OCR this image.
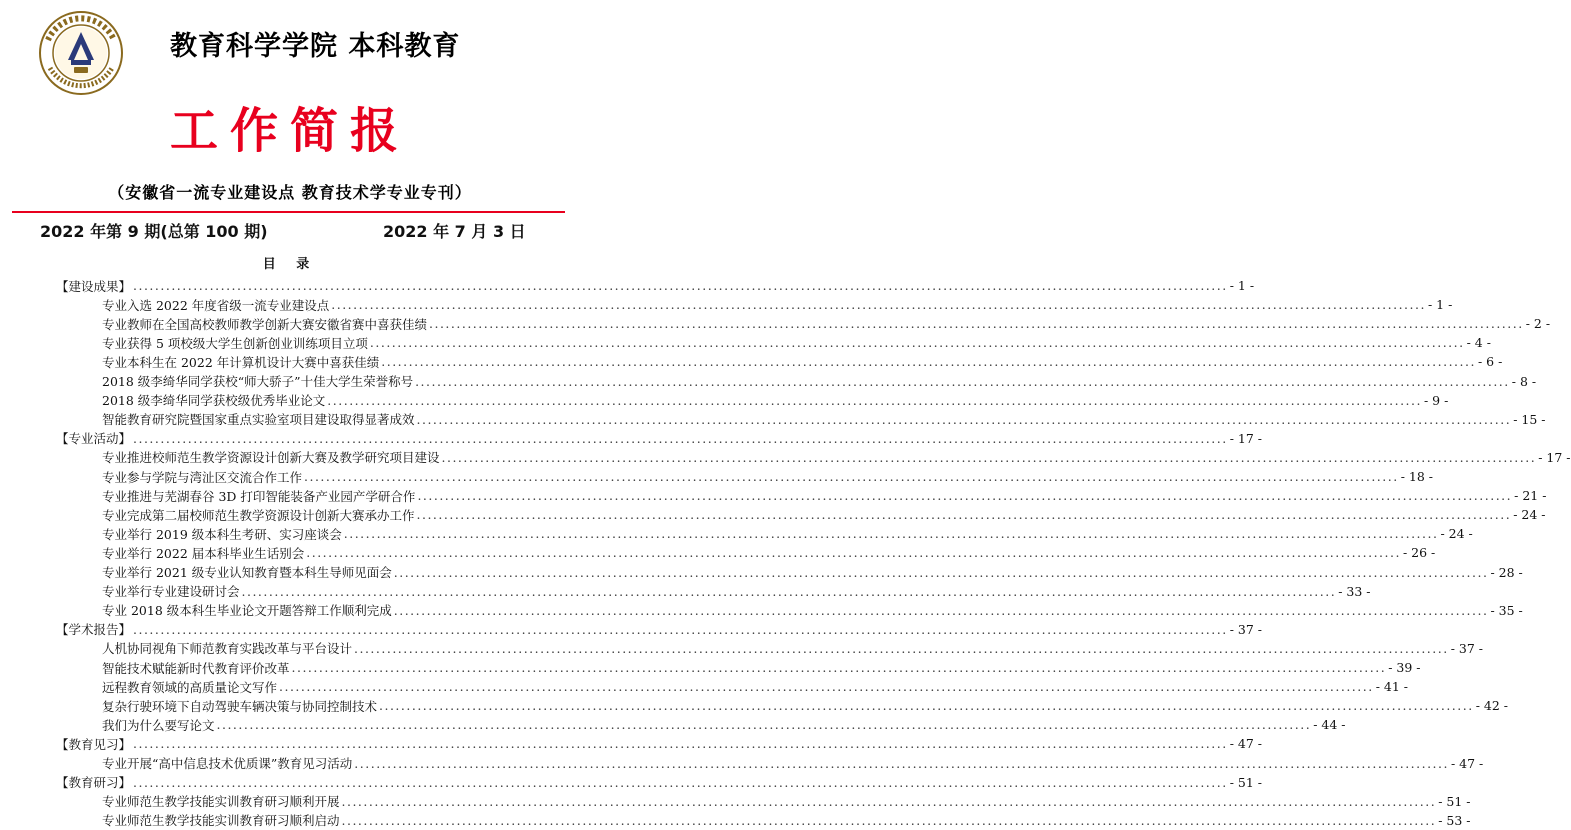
教育科学学院 本科教育
工作简报
（安徽省一流专业建设点 教育技术学专业专刊）
2022 年第 9 期(总第 100 期)	2022 年 7 月 3 日
目 录
【建设成果】 ........................................................................................................................................................................................................ - 1 -
专业入选 2022 年度省级一流专业建设点 ........................................................................................................................................................................................................ - 1 -
专业教师在全国高校教师教学创新大赛安徽省赛中喜获佳绩 ........................................................................................................................................................................................................ - 2 -
专业获得 5 项校级大学生创新创业训练项目立项 ........................................................................................................................................................................................................ - 4 -
专业本科生在 2022 年计算机设计大赛中喜获佳绩 ........................................................................................................................................................................................................ - 6 -
2018 级李绮华同学获校“师大骄子”十佳大学生荣誉称号 ........................................................................................................................................................................................................ - 8 -
2018 级李绮华同学获校级优秀毕业论文 ........................................................................................................................................................................................................ - 9 -
智能教育研究院暨国家重点实验室项目建设取得显著成效 ........................................................................................................................................................................................................ - 15 -
【专业活动】 ........................................................................................................................................................................................................ - 17 -
专业推进校师范生教学资源设计创新大赛及教学研究项目建设 ........................................................................................................................................................................................................ - 17 -
专业参与学院与湾沚区交流合作工作 ........................................................................................................................................................................................................ - 18 -
专业推进与芜湖春谷 3D 打印智能装备产业园产学研合作 ........................................................................................................................................................................................................ - 21 -
专业完成第二届校师范生教学资源设计创新大赛承办工作 ........................................................................................................................................................................................................ - 24 -
专业举行 2019 级本科生考研、实习座谈会 ........................................................................................................................................................................................................ - 24 -
专业举行 2022 届本科毕业生话别会 ........................................................................................................................................................................................................ - 26 -
专业举行 2021 级专业认知教育暨本科生导师见面会 ........................................................................................................................................................................................................ - 28 -
专业举行专业建设研讨会 ........................................................................................................................................................................................................ - 33 -
专业 2018 级本科生毕业论文开题答辩工作顺利完成 ........................................................................................................................................................................................................ - 35 -
【学术报告】 ........................................................................................................................................................................................................ - 37 -
人机协同视角下师范教育实践改革与平台设计 ........................................................................................................................................................................................................ - 37 -
智能技术赋能新时代教育评价改革 ........................................................................................................................................................................................................ - 39 -
远程教育领域的高质量论文写作 ........................................................................................................................................................................................................ - 41 -
复杂行驶环境下自动驾驶车辆决策与协同控制技术 ........................................................................................................................................................................................................ - 42 -
我们为什么要写论文 ........................................................................................................................................................................................................ - 44 -
【教育见习】 ........................................................................................................................................................................................................ - 47 -
专业开展“高中信息技术优质课”教育见习活动 ........................................................................................................................................................................................................ - 47 -
【教育研习】 ........................................................................................................................................................................................................ - 51 -
专业师范生教学技能实训教育研习顺利开展 ........................................................................................................................................................................................................ - 51 -
专业师范生教学技能实训教育研习顺利启动 ........................................................................................................................................................................................................ - 53 -
